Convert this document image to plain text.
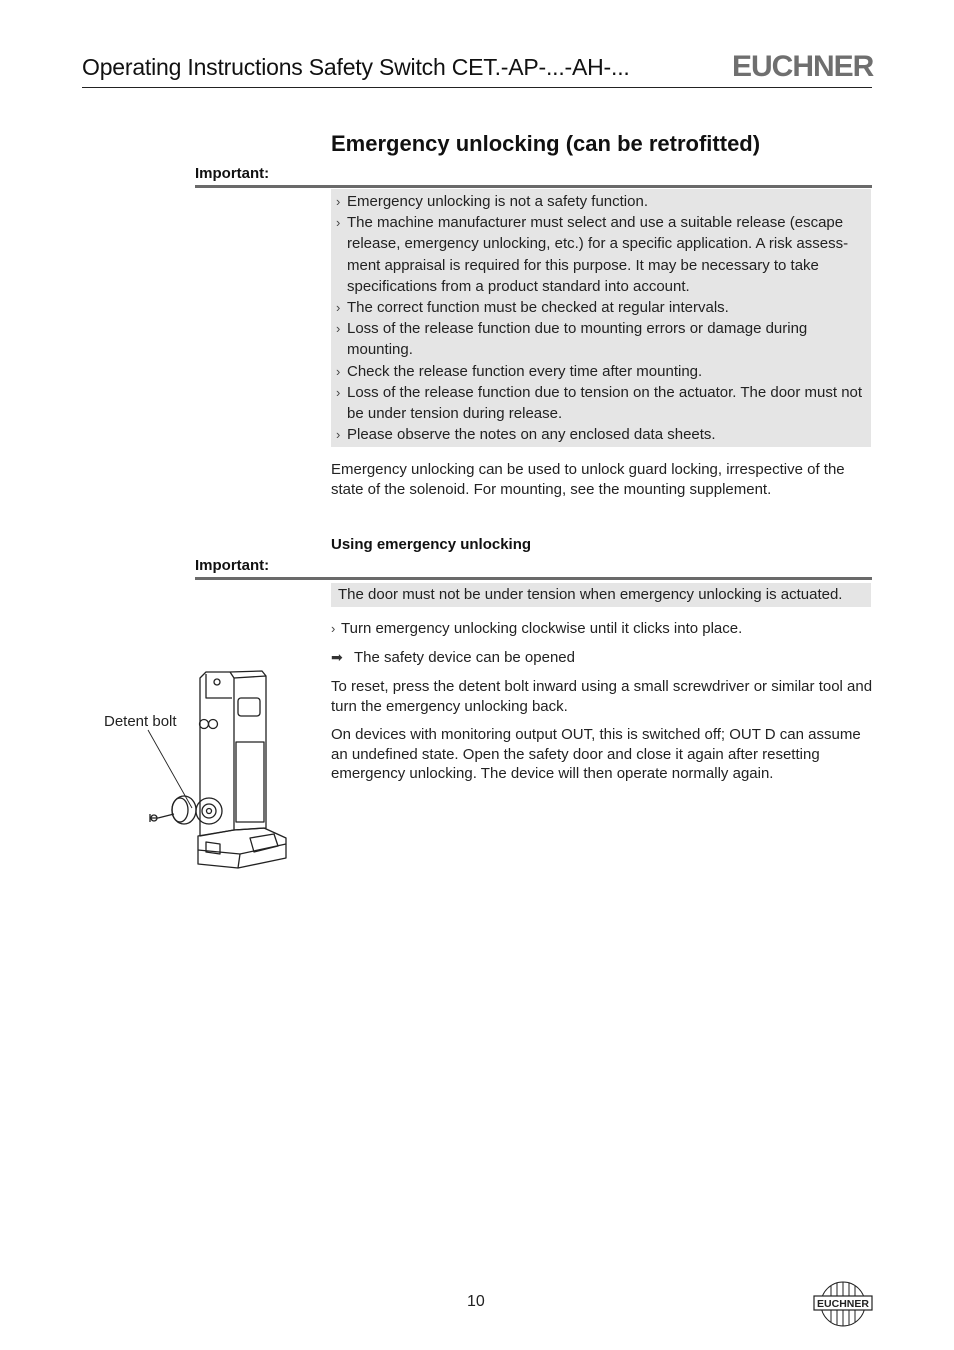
Operating Instructions Safety Switch CET.-AP-...-AH-...	EUCHNER
Emergency unlocking (can be retrofitted)
Important:
› Emergency unlocking is not a safety function.
› The machine manufacturer must select and use a suitable release (escape release, emergency unlocking, etc.) for a specific application. A risk assess-ment appraisal is required for this purpose. It may be necessary to take specifications from a product standard into account.
› The correct function must be checked at regular intervals.
› Loss of the release function due to mounting errors or damage during mounting.
› Check the release function every time after mounting.
› Loss of the release function due to tension on the actuator. The door must not be under tension during release.
› Please observe the notes on any enclosed data sheets.
Emergency unlocking can be used to unlock guard locking, irrespective of the state of the solenoid. For mounting, see the mounting supplement.
Using emergency unlocking
Important:
The door must not be under tension when emergency unlocking is actuated.
› Turn emergency unlocking clockwise until it clicks into place.
➡ The safety device can be opened
To reset, press the detent bolt inward using a small screwdriver or similar tool and turn the emergency unlocking back.
On devices with monitoring output OUT, this is switched off; OUT D can assume an undefined state. Open the safety door and close it again after resetting emergency unlocking. The device will then operate normally again.
Detent bolt
10	EUCHNER
